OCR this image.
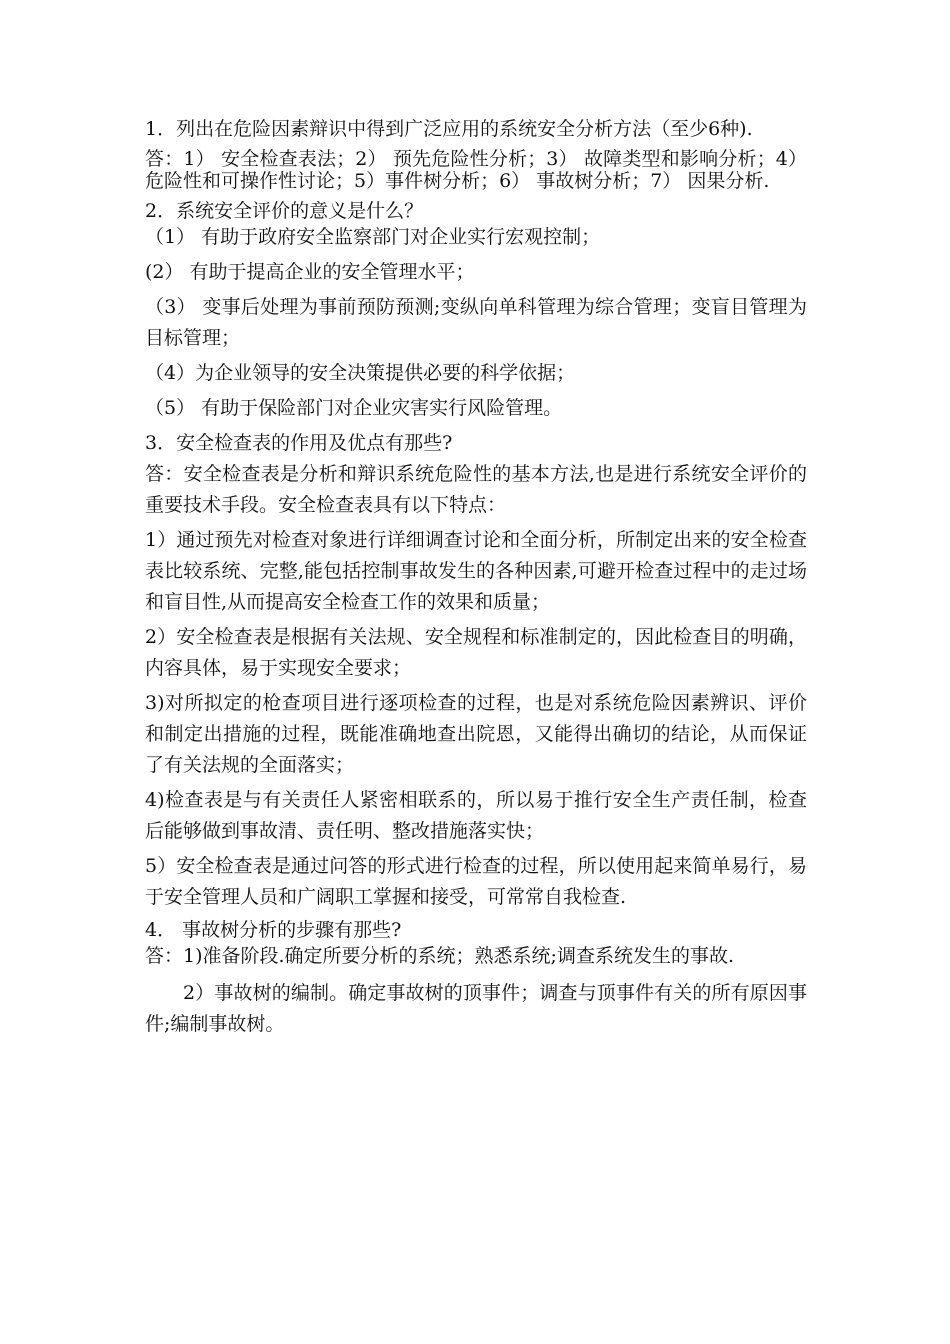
1．列出在危险因素辩识中得到广泛应用的系统安全分析方法（至少6种).

答：1） 安全检查表法；2） 预先危险性分析；3） 故障类型和影响分析；4） 危险性和可操作性讨论；5）事件树分析；6） 事故树分析；7） 因果分析.

2．系统安全评价的意义是什么？

（1） 有助于政府安全监察部门对企业实行宏观控制；

(2） 有助于提高企业的安全管理水平；

（3） 变事后处理为事前预防预测;变纵向单科管理为综合管理；变盲目管理为目标管理；

（4）为企业领导的安全决策提供必要的科学依据；

（5） 有助于保险部门对企业灾害实行风险管理。

3．安全检查表的作用及优点有那些?

答：安全检查表是分析和辩识系统危险性的基本方法,也是进行系统安全评价的重要技术手段。安全检查表具有以下特点：

1）通过预先对检查对象进行详细调查讨论和全面分析，所制定出来的安全检查表比较系统、完整,能包括控制事故发生的各种因素,可避开检查过程中的走过场和盲目性,从而提高安全检查工作的效果和质量；

2）安全检查表是根据有关法规、安全规程和标准制定的，因此检查目的明确，内容具体，易于实现安全要求；

3)对所拟定的枪查项目进行逐项检查的过程，也是对系统危险因素辨识、评价和制定出措施的过程，既能准确地查出院恩，又能得出确切的结论，从而保证了有关法规的全面落实；

4)检查表是与有关责任人紧密相联系的，所以易于推行安全生产责任制，检查后能够做到事故清、责任明、整改措施落实快；

5）安全检查表是通过问答的形式进行检查的过程，所以使用起来简单易行，易于安全管理人员和广阔职工掌握和接受，可常常自我检查.

4． 事故树分析的步骤有那些?

答：1)准备阶段.确定所要分析的系统；熟悉系统;调查系统发生的事故.

2）事故树的编制。确定事故树的顶事件；调查与顶事件有关的所有原因事件;编制事故树。
